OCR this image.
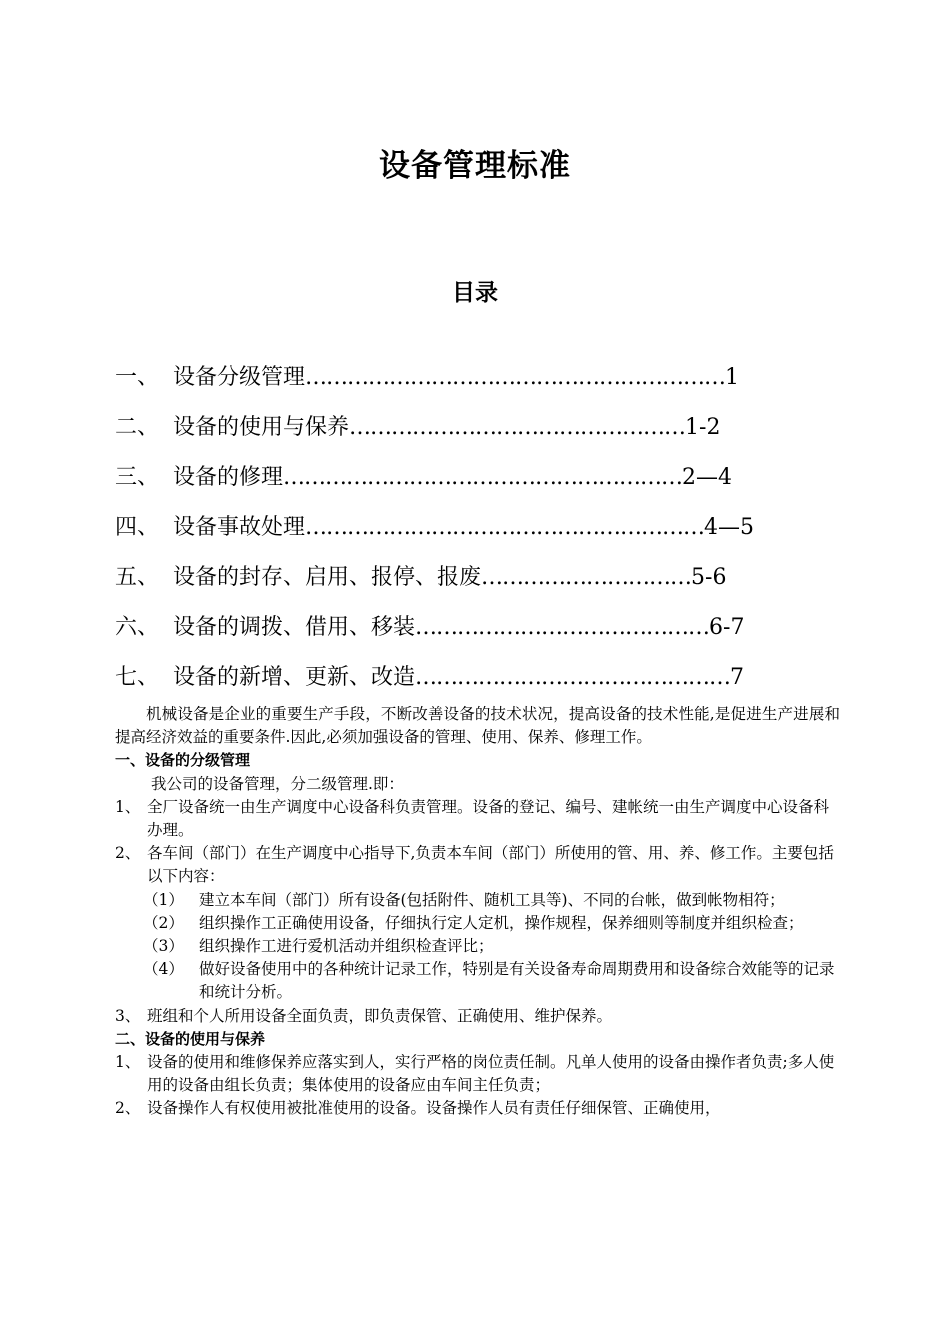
设备管理标准
目录
一、 设备分级管理 …………………………………………………… 1
二、 设备的使用与保养 ………………………………………… 1-2
三、 设备的修理 ………………………………………………… 2—4
四、 设备事故处理 ………………………………………………… 4—5
五、 设备的封存、启用、报停、报废 ………………………… 5-6
六、 设备的调拨、借用、移装 …………………………………… 6-7
七、 设备的新增、更新、改造 ……………………………………… 7
机械设备是企业的重要生产手段，不断改善设备的技术状况，提高设备的技术性能,是促进生产进展和提高经济效益的重要条件.因此,必须加强设备的管理、使用、保养、修理工作。
一、设备的分级管理
我公司的设备管理，分二级管理.即：
1、 全厂设备统一由生产调度中心设备科负责管理。设备的登记、编号、建帐统一由生产调度中心设备科办理。
2、 各车间（部门）在生产调度中心指导下,负责本车间（部门）所使用的管、用、养、修工作。主要包括以下内容：
（1） 建立本车间（部门）所有设备(包括附件、随机工具等)、不同的台帐，做到帐物相符；
（2） 组织操作工正确使用设备，仔细执行定人定机，操作规程，保养细则等制度并组织检查；
（3） 组织操作工进行爱机活动并组织检查评比；
（4） 做好设备使用中的各种统计记录工作，特别是有关设备寿命周期费用和设备综合效能等的记录和统计分析。
3、 班组和个人所用设备全面负责，即负责保管、正确使用、维护保养。
二、设备的使用与保养
1、 设备的使用和维修保养应落实到人，实行严格的岗位责任制。凡单人使用的设备由操作者负责;多人使用的设备由组长负责；集体使用的设备应由车间主任负责；
2、 设备操作人有权使用被批准使用的设备。设备操作人员有责任仔细保管、正确使用，
